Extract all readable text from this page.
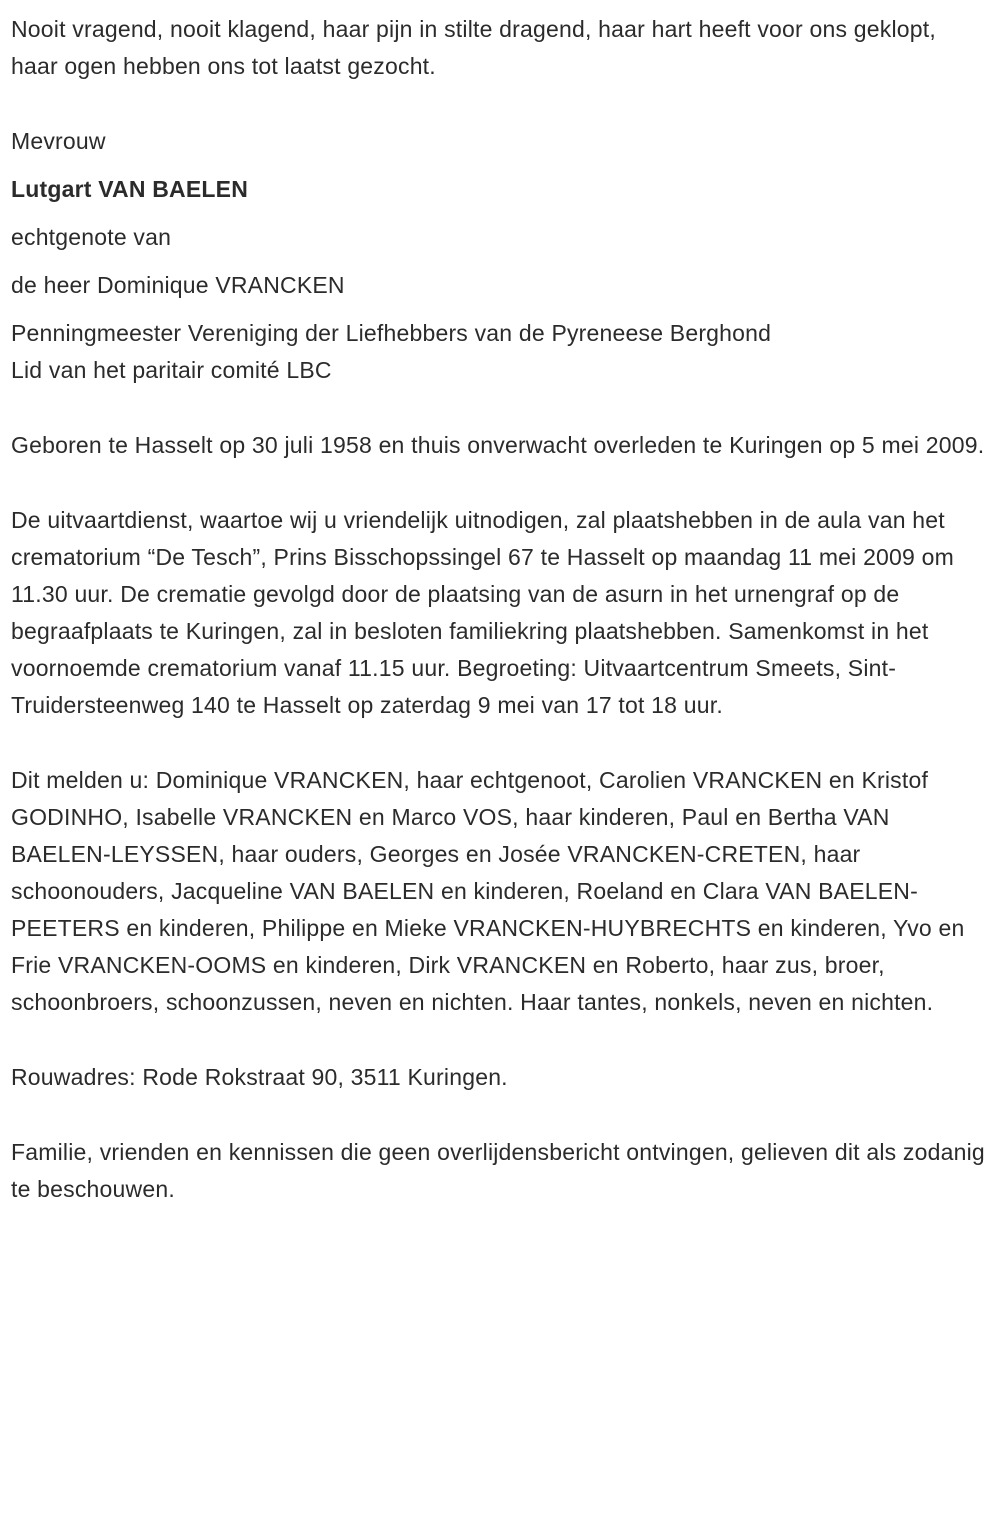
Nooit vragend, nooit klagend, haar pijn in stilte dragend, haar hart heeft voor ons geklopt, haar ogen hebben ons tot laatst gezocht.

Mevrouw

Lutgart VAN BAELEN

echtgenote van

de heer Dominique VRANCKEN

Penningmeester Vereniging der Liefhebbers van de Pyreneese Berghond
Lid van het paritair comité LBC

Geboren te Hasselt op 30 juli 1958 en thuis onverwacht overleden te Kuringen op 5 mei 2009.

De uitvaartdienst, waartoe wij u vriendelijk uitnodigen, zal plaatshebben in de aula van het crematorium “De Tesch”, Prins Bisschopssingel 67 te Hasselt op maandag 11 mei 2009 om 11.30 uur. De crematie gevolgd door de plaatsing van de asurn in het urnengraf op de begraafplaats te Kuringen, zal in besloten familiekring plaatshebben. Samenkomst in het voornoemde crematorium vanaf 11.15 uur. Begroeting: Uitvaartcentrum Smeets, Sint-Truidersteenweg 140 te Hasselt op zaterdag 9 mei van 17 tot 18 uur.

Dit melden u: Dominique VRANCKEN, haar echtgenoot, Carolien VRANCKEN en Kristof GODINHO, Isabelle VRANCKEN en Marco VOS, haar kinderen, Paul en Bertha VAN BAELEN-LEYSSEN, haar ouders, Georges en Josée VRANCKEN-CRETEN, haar schoonouders, Jacqueline VAN BAELEN en kinderen, Roeland en Clara VAN BAELEN-PEETERS en kinderen, Philippe en Mieke VRANCKEN-HUYBRECHTS en kinderen, Yvo en Frie VRANCKEN-OOMS en kinderen, Dirk VRANCKEN en Roberto, haar zus, broer, schoonbroers, schoonzussen, neven en nichten. Haar tantes, nonkels, neven en nichten.

Rouwadres: Rode Rokstraat 90, 3511 Kuringen.

Familie, vrienden en kennissen die geen overlijdensbericht ontvingen, gelieven dit als zodanig te beschouwen.
